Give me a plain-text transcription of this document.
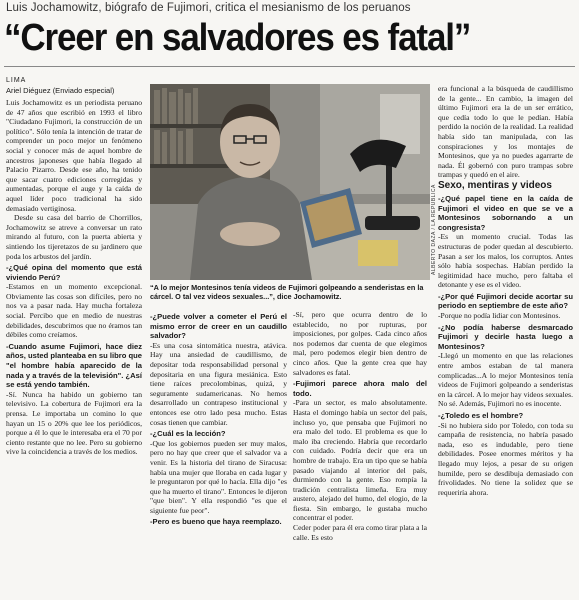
Luis Jochamowitz, biógrafo de Fujimori, critica el mesianismo de los peruanos
“Creer en salvadores es fatal”
LIMA
Ariel Diéguez (Enviado especial)

Luis Jochamowitz es un periodista peruano de 47 años que escribió en 1993 el libro "Ciudadano Fujimori, la construcción de un político". Sólo tenía la intención de tratar de comprender un poco mejor un fenómeno social y conocer más de aquel hombre de ancestros japoneses que había llegado al Palacio Pizarro. Desde ese año, ha tenido que sacar cuatro ediciones corregidas y aumentadas, porque el auge y la caída de aquel líder poco tradicional ha sido demasiado vertiginosa.

Desde su casa del barrio de Chorrillos, Jochamowitz se atreve a conversar un rato mirando al futuro, con la puerta abierta y sintiendo los tijeretazos de su jardinero que poda los arbustos del jardín.

-¿Qué opina del momento que está viviendo Perú?

-Estamos en un momento excepcional. Obviamente las cosas son difíciles, pero no nos va a pasar nada. Hay mucha fortaleza social. Percibo que en medio de nuestras debilidades, descubrimos que no éramos tan débiles como creíamos.

-Cuando asume Fujimori, hace diez años, usted planteaba en su libro que "el hombre había aparecido de la nada y a través de la televisión". ¿Así se está yendo también.

-Sí. Nunca ha habido un gobierno tan televisivo. La cobertura de Fujimori era la prensa. Le importaba un comino lo que hayan un 15 o 20% que lee los periódicos, porque a él lo que le interesaba era el 70 por ciento restante que no lee. Pero su gobierno vive la coincidencia a través de los medios.

ALBERTO DAZA / LA REPUBLICA
“A lo mejor Montesinos tenía videos de Fujimori golpeando a senderistas en la cárcel. O tal vez videos sexuales...”, dice Jochamowitz.

-¿Puede volver a cometer el Perú el mismo error de creer en un caudillo salvador?

-Es una cosa sintomática nuestra, atávica. Hay una ansiedad de caudillismo, de depositar toda responsabilidad personal y depositaria en una figura mesiánica. Esto tiene raíces precolombinas, quizá, y seguramente sudamericanas. No hemos desarrollado un contrapeso institucional y entonces ese otro lado pesa mucho. Estas cosas tienen que cambiar.

-¿Cuál es la lección?

-Que los gobiernos pueden ser muy malos, pero no hay que creer que el salvador va a venir. Es la historia del tirano de Siracusa: había una mujer que lloraba en cada lugar y le preguntaron por qué lo hacía. Ella dijo "es que ha muerto el tirano". Entonces le dijeron "que bien". Y ella respondió "es que el siguiente fue peor".

-Pero es bueno que haya reemplazo.

-Sí, pero que ocurra dentro de lo establecido, no por rupturas, por imposiciones, por golpes. Cada cinco años nos podemos dar cuenta de que elegimos mal, pero podemos elegir bien dentro de cinco años. Que la gente crea que hay salvadores es fatal.

-Fujimori parece ahora malo del todo.

-Para un sector, es malo absolutamente. Hasta el domingo había un sector del país, incluso yo, que pensaba que Fujimori no era malo del todo. El problema es que lo malo iba creciendo. Habría que recordarlo con cuidado. Podría decir que era un hombre de trabajo. Era un tipo que se había pasado viajando al interior del país, durmiendo con la gente. Eso rompía la tradición centralista limeña. Era muy austero, alejado del humo, del elogio, de la fiesta. Sin embargo, le gustaba mucho concentrar el poder.

Ceder poder para él era como tirar plata a la calle. Es esto

era funcional a la búsqueda de caudillismo de la gente... En cambio, la imagen del último Fujimori era la de un ser errático, que cedía todo lo que le pedían. Había perdido la noción de la realidad. La realidad había sido tan manipulada, con las conspiraciones y los montajes de Montesinos, que ya no puedes agarrarte de nada. Él gobernó con puro trampas sobre trampas y quedó en el aire.

Sexo, mentiras y videos

-¿Qué papel tiene en la caída de Fujimori el video en que se ve a Montesinos sobornando a un congresista?

-Es un momento crucial. Todas las estructuras de poder quedan al descubierto. Pasan a ser los malos, los corruptos. Antes sólo había sospechas. Habían perdido la legitimidad hace mucho, pero faltaba el detonante y ese es el video.

-¿Por qué Fujimori decide acortar su periodo en septiembre de este año?

-Porque no podía lidiar con Montesinos.

-¿No podía haberse desmarcado Fujimori y decirle hasta luego a Montesinos?

-Llegó un momento en que las relaciones entre ambos estaban de tal manera complicadas...A lo mejor Montesinos tenía videos de Fujimori golpeando a senderistas en la cárcel. A lo mejor hay videos sexuales. No sé. Además, Fujimori no es inocente.

-¿Toledo es el hombre?

-Si no hubiera sido por Toledo, con toda su campaña de resistencia, no habría pasado nada, eso es indudable, pero tiene debilidades. Posee enormes méritos y ha llegado muy lejos, a pesar de su origen humilde, pero se desdibuja demasiado con frivolidades. No tiene la solidez que se requeriría ahora.
